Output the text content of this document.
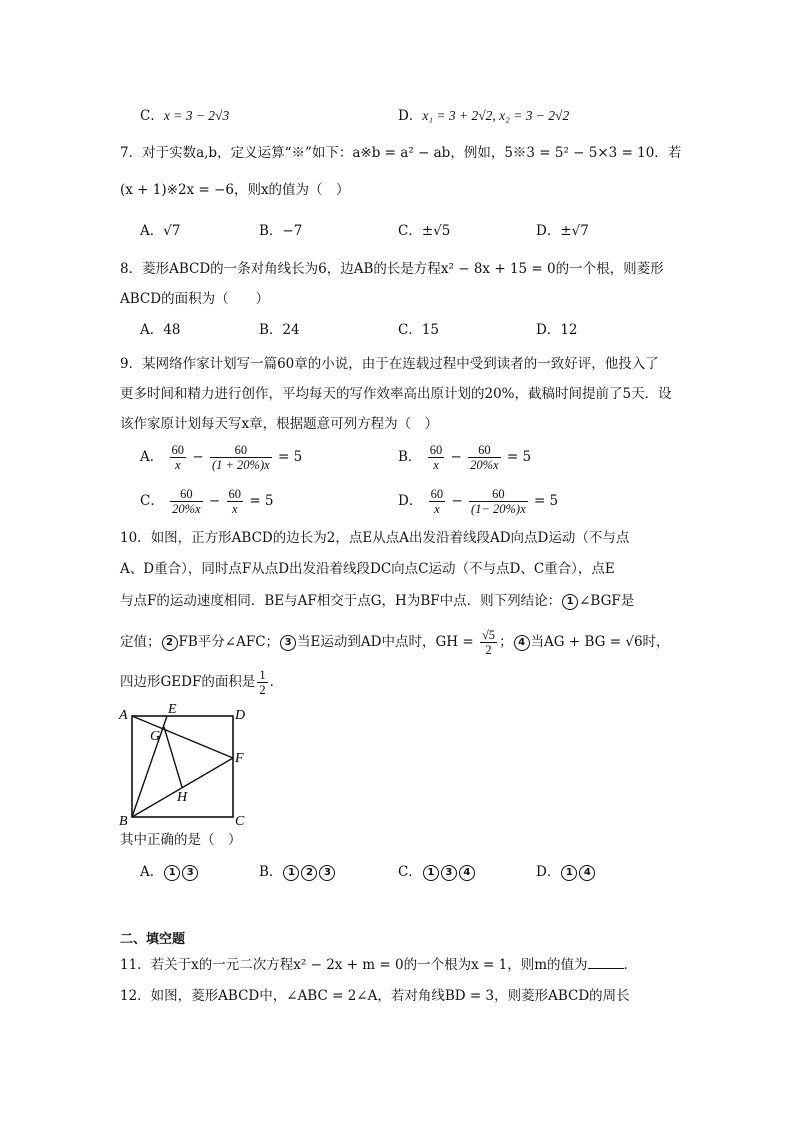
C．x = 3 − 2√3	D．x₁ = 3 + 2√2, x₂ = 3 − 2√2
7．对于实数a,b，定义运算“※”如下：a※b = a² − ab，例如，5※3 = 5² − 5×3 = 10．若
(x + 1)※2x = −6，则x的值为（　）
A．√7	B．−7	C．±√5	D．±√7
8．菱形ABCD的一条对角线长为6，边AB的长是方程x² − 8x + 15 = 0的一个根，则菱形
ABCD的面积为（　　）
A．48	B．24	C．15	D．12
9．某网络作家计划写一篇60章的小说，由于在连载过程中受到读者的一致好评，他投入了
更多时间和精力进行创作，平均每天的写作效率高出原计划的20%，截稿时间提前了5天．设
该作家原计划每天写x章，根据题意可列方程为（　）
A． $\frac{60}{x} - \frac{60}{(1 + 20\%)x} = 5$	B． $\frac{60}{x} - \frac{60}{20\%x} = 5$
C． $\frac{60}{20\%x} - \frac{60}{x} = 5$	D． $\frac{60}{x} - \frac{60}{(1- 20\%)x} = 5$
10．如图，正方形ABCD的边长为2，点E从点A出发沿着线段AD向点D运动（不与点
A、D重合），同时点F从点D出发沿着线段DC向点C运动（不与点D、C重合），点E
与点F的运动速度相同．BE与AF相交于点G，H为BF中点．则下列结论： 1 ∠BGF是
定值； 2 FB平分∠AFC； 3 当E运动到AD中点时，GH = $\frac{√5}{2}$ ； 4 当AG + BG = √6时，
四边形GEDF的面积是 $\frac{1}{2}$ ．
A	E	D
G
F
H
B	C
其中正确的是（　）
A． 1 3	B． 1 2 3	C． 1 3 4	D． 1 4
二、填空题
11．若关于x的一元二次方程x² − 2x + m = 0的一个根为x = 1，则m的值为	．
12．如图，菱形ABCD中，∠ABC = 2∠A，若对角线BD = 3，则菱形ABCD的周长
